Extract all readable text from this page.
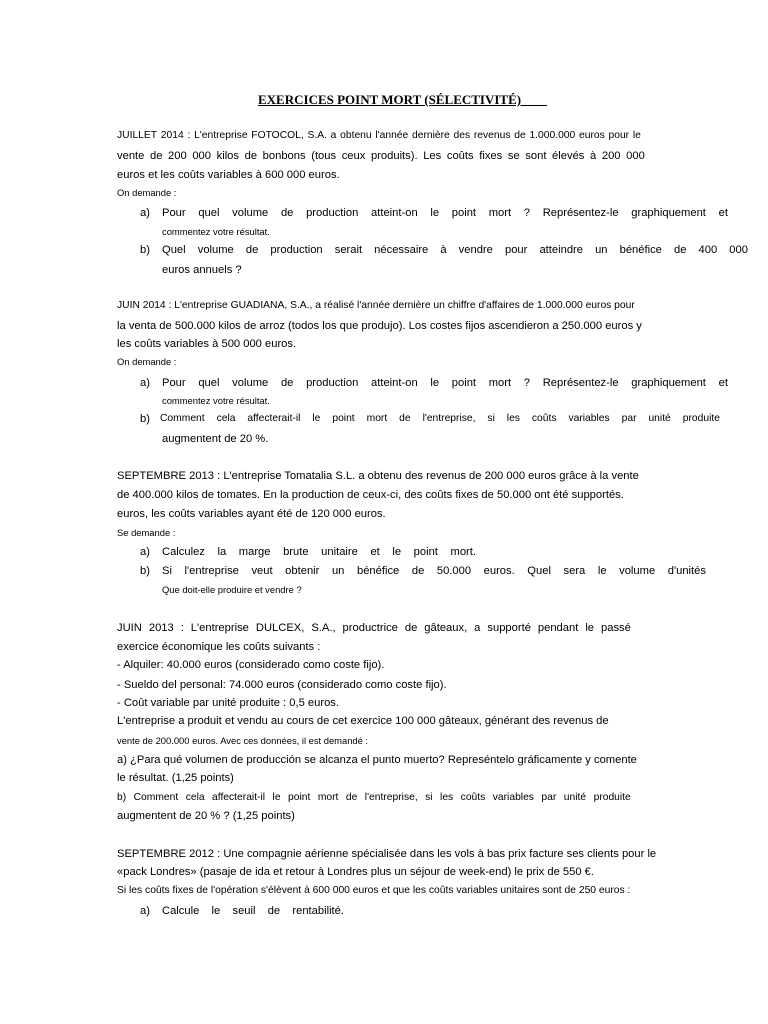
EXERCICES POINT MORT (SÉLECTIVITÉ)
JUILLET 2014 : L'entreprise FOTOCOL, S.A. a obtenu l'année dernière des revenus de 1.000.000 euros pour le
vente de 200 000 kilos de bonbons (tous ceux produits). Les coûts fixes se sont élevés à 200 000
euros et les coûts variables à 600 000 euros.
On demande :
a) Pour quel volume de production atteint-on le point mort ? Représentez-le graphiquement et
commentez votre résultat.
b) Quel volume de production serait nécessaire à vendre pour atteindre un bénéfice de 400 000
euros annuels ?
JUIN 2014 : L'entreprise GUADIANA, S.A., a réalisé l'année dernière un chiffre d'affaires de 1.000.000 euros pour
la venta de 500.000 kilos de arroz (todos los que produjo). Los costes fijos ascendieron a 250.000 euros y
les coûts variables à 500 000 euros.
On demande :
a) Pour quel volume de production atteint-on le point mort ? Représentez-le graphiquement et
commentez votre résultat.
b) Comment cela affecterait-il le point mort de l'entreprise, si les coûts variables par unité produite
augmentent de 20 %.
SEPTEMBRE 2013 : L'entreprise Tomatalia S.L. a obtenu des revenus de 200 000 euros grâce à la vente
de 400.000 kilos de tomates. En la production de ceux-ci, des coûts fixes de 50.000 ont été supportés.
euros, les coûts variables ayant été de 120 000 euros.
Se demande :
a) Calculez la marge brute unitaire et le point mort.
b) Si l'entreprise veut obtenir un bénéfice de 50.000 euros. Quel sera le volume d'unités
Que doit-elle produire et vendre ?
JUIN 2013 : L'entreprise DULCEX, S.A., productrice de gâteaux, a supporté pendant le passé
exercice économique les coûts suivants :
- Alquiler: 40.000 euros (considerado como coste fijo).
- Sueldo del personal: 74.000 euros (considerado como coste fijo).
- Coût variable par unité produite : 0,5 euros.
L'entreprise a produit et vendu au cours de cet exercice 100 000 gâteaux, générant des revenus de
vente de 200.000 euros. Avec ces données, il est demandé :
a) ¿Para qué volumen de producción se alcanza el punto muerto? Represéntelo gráficamente y comente
le résultat. (1,25 points)
b) Comment cela affecterait-il le point mort de l'entreprise, si les coûts variables par unité produite
augmentent de 20 % ? (1,25 points)
SEPTEMBRE 2012 : Une compagnie aérienne spécialisée dans les vols à bas prix facture ses clients pour le
«pack Londres» (pasaje de ida et retour à Londres plus un séjour de week-end) le prix de 550 €.
Si les coûts fixes de l'opération s'élèvent à 600 000 euros et que les coûts variables unitaires sont de 250 euros :
a) Calcule le seuil de rentabilité.
